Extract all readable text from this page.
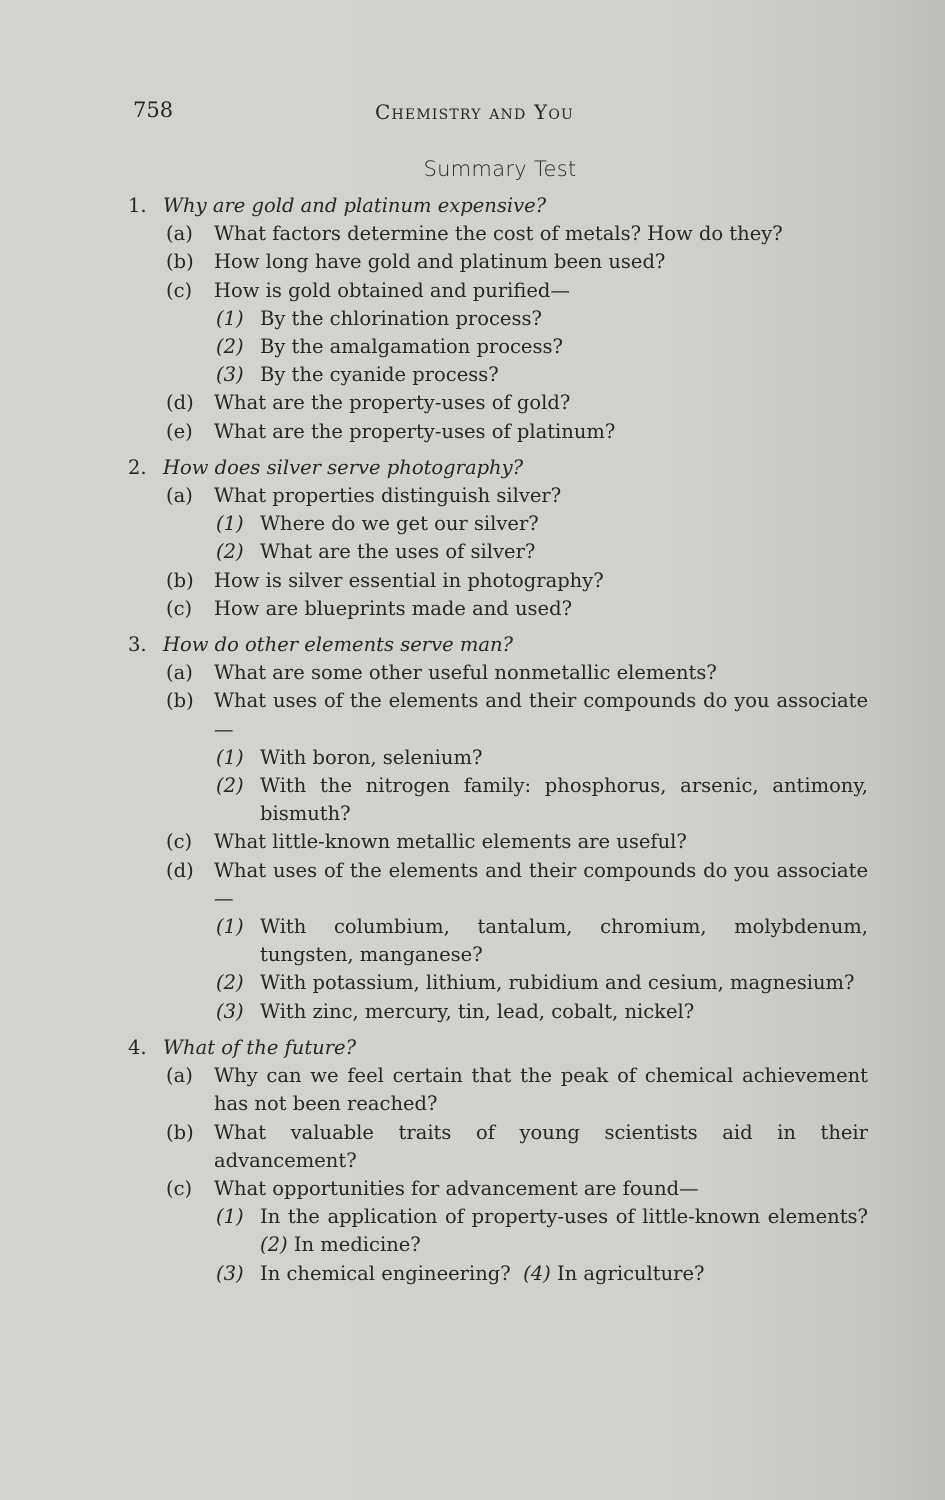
758	Chemistry and You
Summary Test
1. Why are gold and platinum expensive?
(a)	What factors determine the cost of metals? How do they?
(b)	How long have gold and platinum been used?
(c)	How is gold obtained and purified—
(1) By the chlorination process?
(2) By the amalgamation process?
(3) By the cyanide process?
(d)	What are the property-uses of gold?
(e)	What are the property-uses of platinum?
2. How does silver serve photography?
(a)	What properties distinguish silver?
(1) Where do we get our silver?
(2) What are the uses of silver?
(b)	How is silver essential in photography?
(c)	How are blueprints made and used?
3. How do other elements serve man?
(a)	What are some other useful nonmetallic elements?
(b)	What uses of the elements and their compounds do you associate—
(1) With boron, selenium?
(2) With the nitrogen family: phosphorus, arsenic, antimony, bismuth?
(c)	What little-known metallic elements are useful?
(d)	What uses of the elements and their compounds do you associate—
(1) With columbium, tantalum, chromium, molybdenum, tungsten, manganese?
(2) With potassium, lithium, rubidium and cesium, magnesium?
(3) With zinc, mercury, tin, lead, cobalt, nickel?
4. What of the future?
(a)	Why can we feel certain that the peak of chemical achievement has not been reached?
(b)	What valuable traits of young scientists aid in their advancement?
(c)	What opportunities for advancement are found—
(1) In the application of property-uses of little-known elements? (2) In medicine?
(3) In chemical engineering? (4) In agriculture?
